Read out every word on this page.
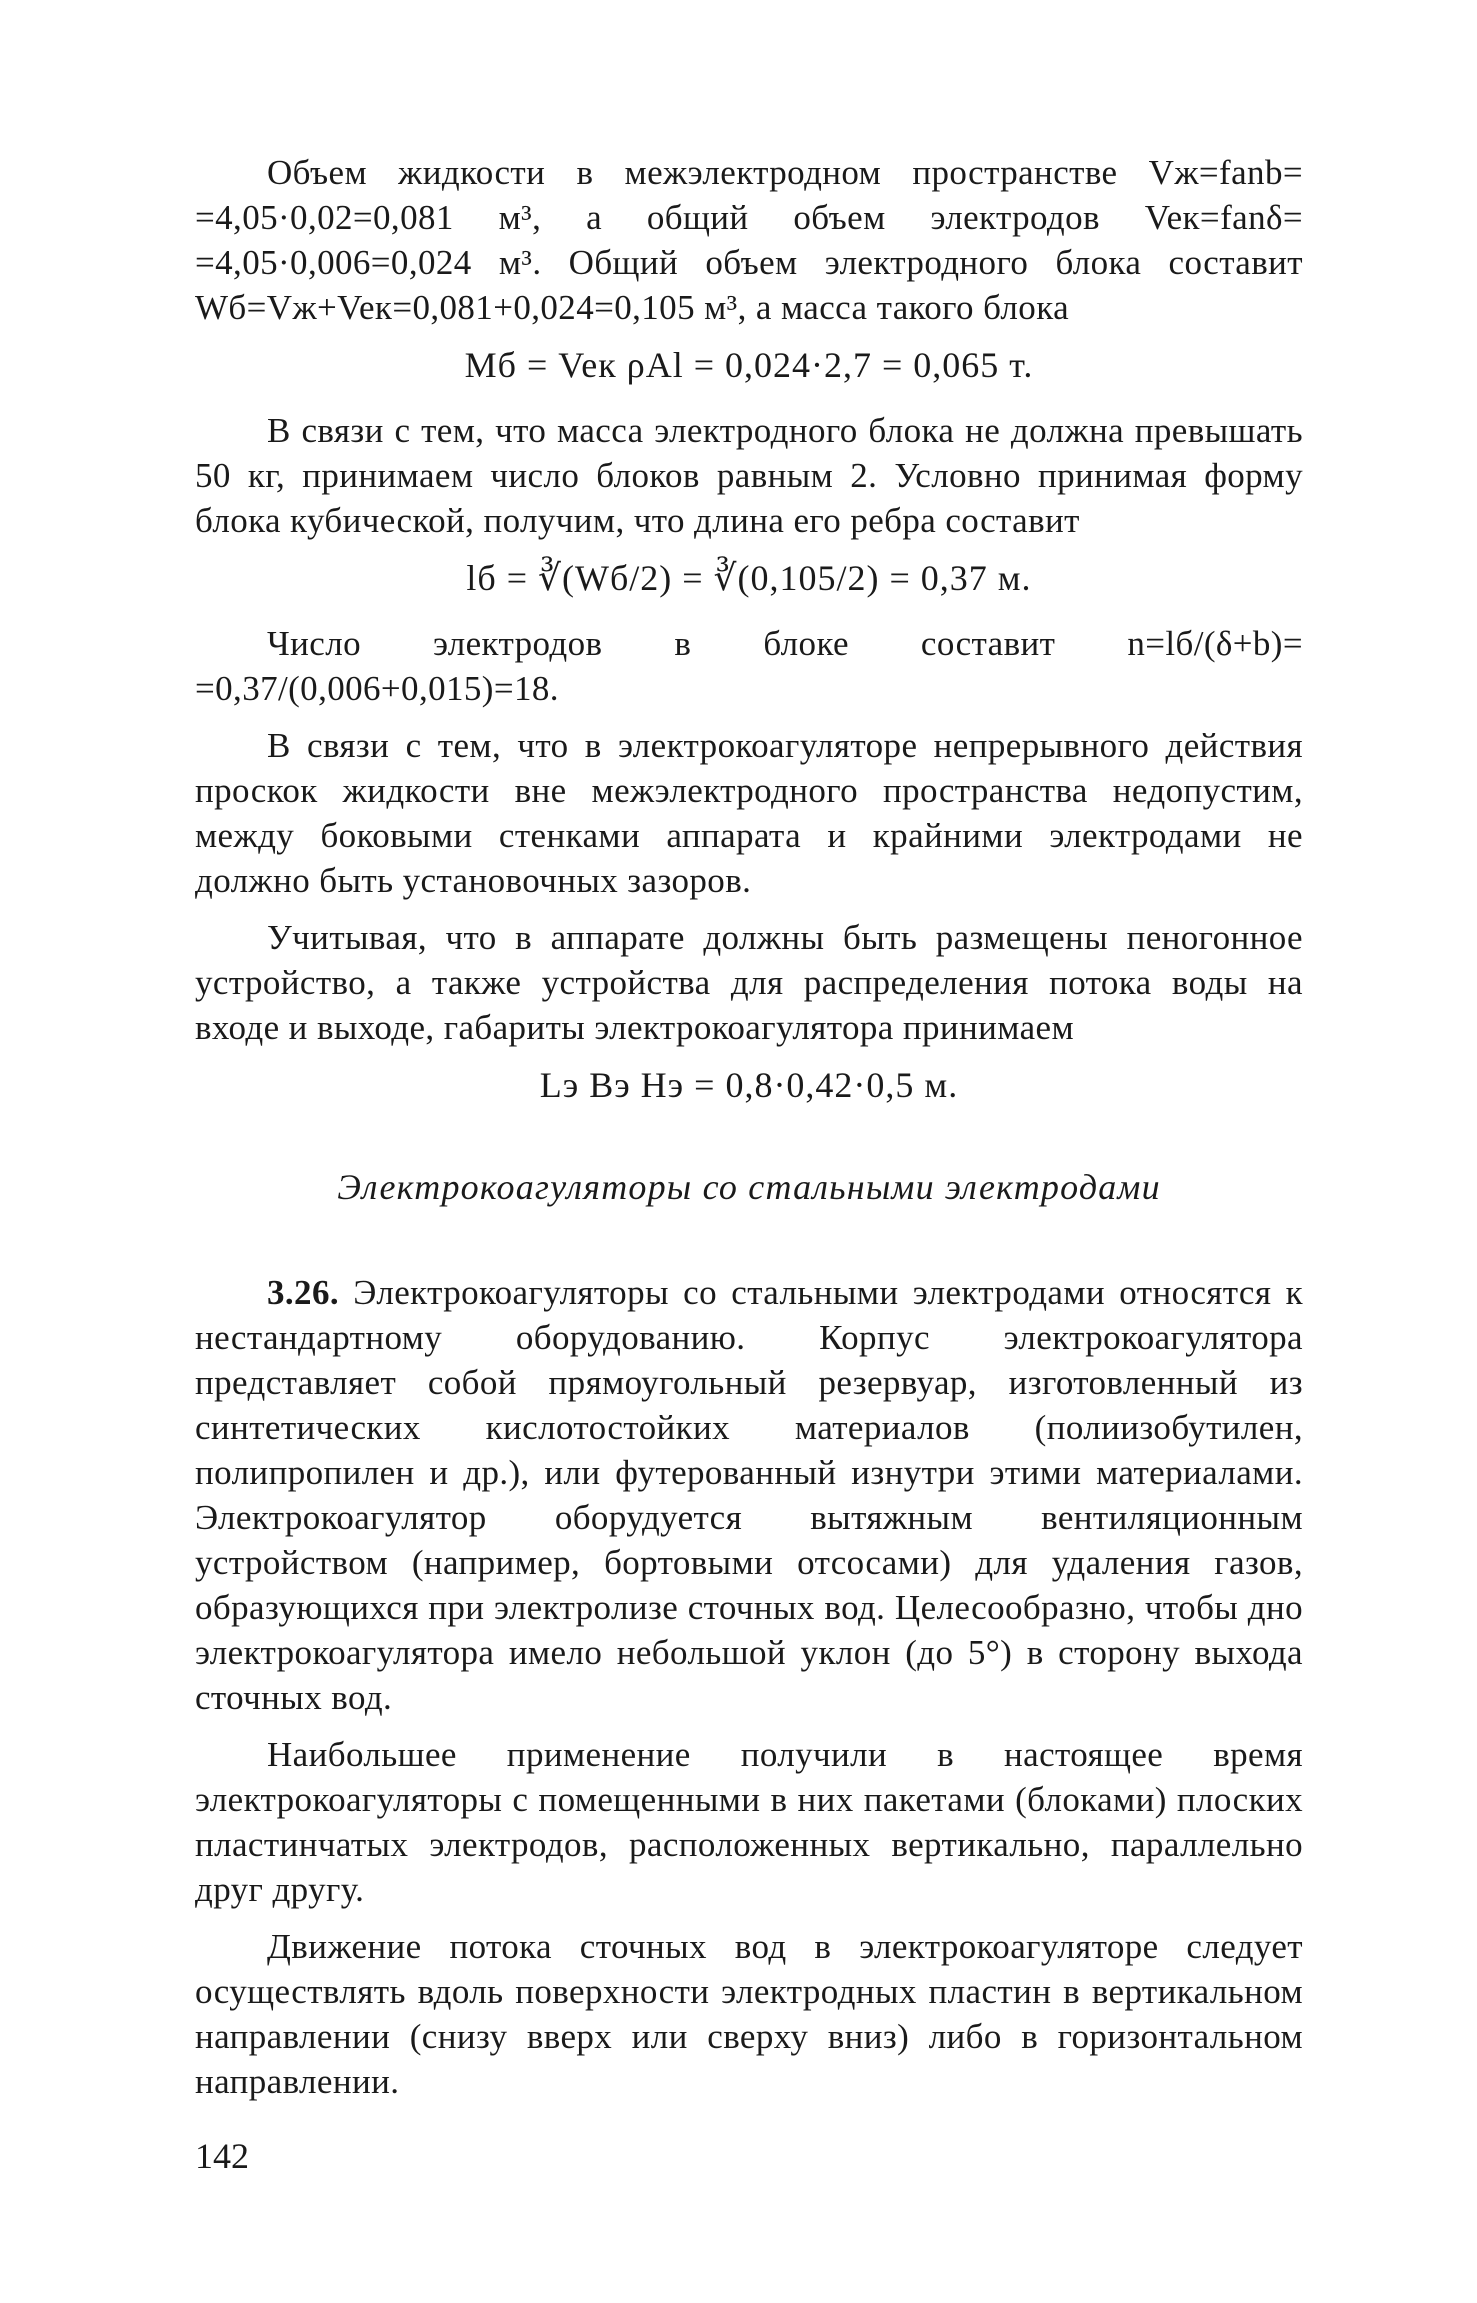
Объем жидкости в межэлектродном пространстве Vж=fаnb= =4,05·0,02=0,081 м³, а общий объем электродов Veк=fаnδ= =4,05·0,006=0,024 м³. Общий объем электродного блока составит Wб=Vж+Veк=0,081+0,024=0,105 м³, а масса такого блока

Mб = Veк ρAl = 0,024·2,7 = 0,065 т.

В связи с тем, что масса электродного блока не должна превышать 50 кг, принимаем число блоков равным 2. Условно принимая форму блока кубической, получим, что длина его ребра составит

lб = ∛(Wб/2) = ∛(0,105/2) = 0,37 м.

Число электродов в блоке составит n=lб/(δ+b)= =0,37/(0,006+0,015)=18.

В связи с тем, что в электрокоагуляторе непрерывного действия проскок жидкости вне межэлектродного пространства недопустим, между боковыми стенками аппарата и крайними электродами не должно быть установочных зазоров.

Учитывая, что в аппарате должны быть размещены пеногонное устройство, а также устройства для распределения потока воды на входе и выходе, габариты электрокоагулятора принимаем

Lэ Bэ Hэ = 0,8·0,42·0,5 м.
Электрокоагуляторы со стальными электродами

3.26. Электрокоагуляторы со стальными электродами относятся к нестандартному оборудованию. Корпус электрокоагулятора представляет собой прямоугольный резервуар, изготовленный из синтетических кислотостойких материалов (полиизобутилен, полипропилен и др.), или футерованный изнутри этими материалами. Электрокоагулятор оборудуется вытяжным вентиляционным устройством (например, бортовыми отсосами) для удаления газов, образующихся при электролизе сточных вод. Целесообразно, чтобы дно электрокоагулятора имело небольшой уклон (до 5°) в сторону выхода сточных вод.

Наибольшее применение получили в настоящее время электрокоагуляторы с помещенными в них пакетами (блоками) плоских пластинчатых электродов, расположенных вертикально, параллельно друг другу.

Движение потока сточных вод в электрокоагуляторе следует осуществлять вдоль поверхности электродных пластин в вертикальном направлении (снизу вверх или сверху вниз) либо в горизонтальном направлении.

142
